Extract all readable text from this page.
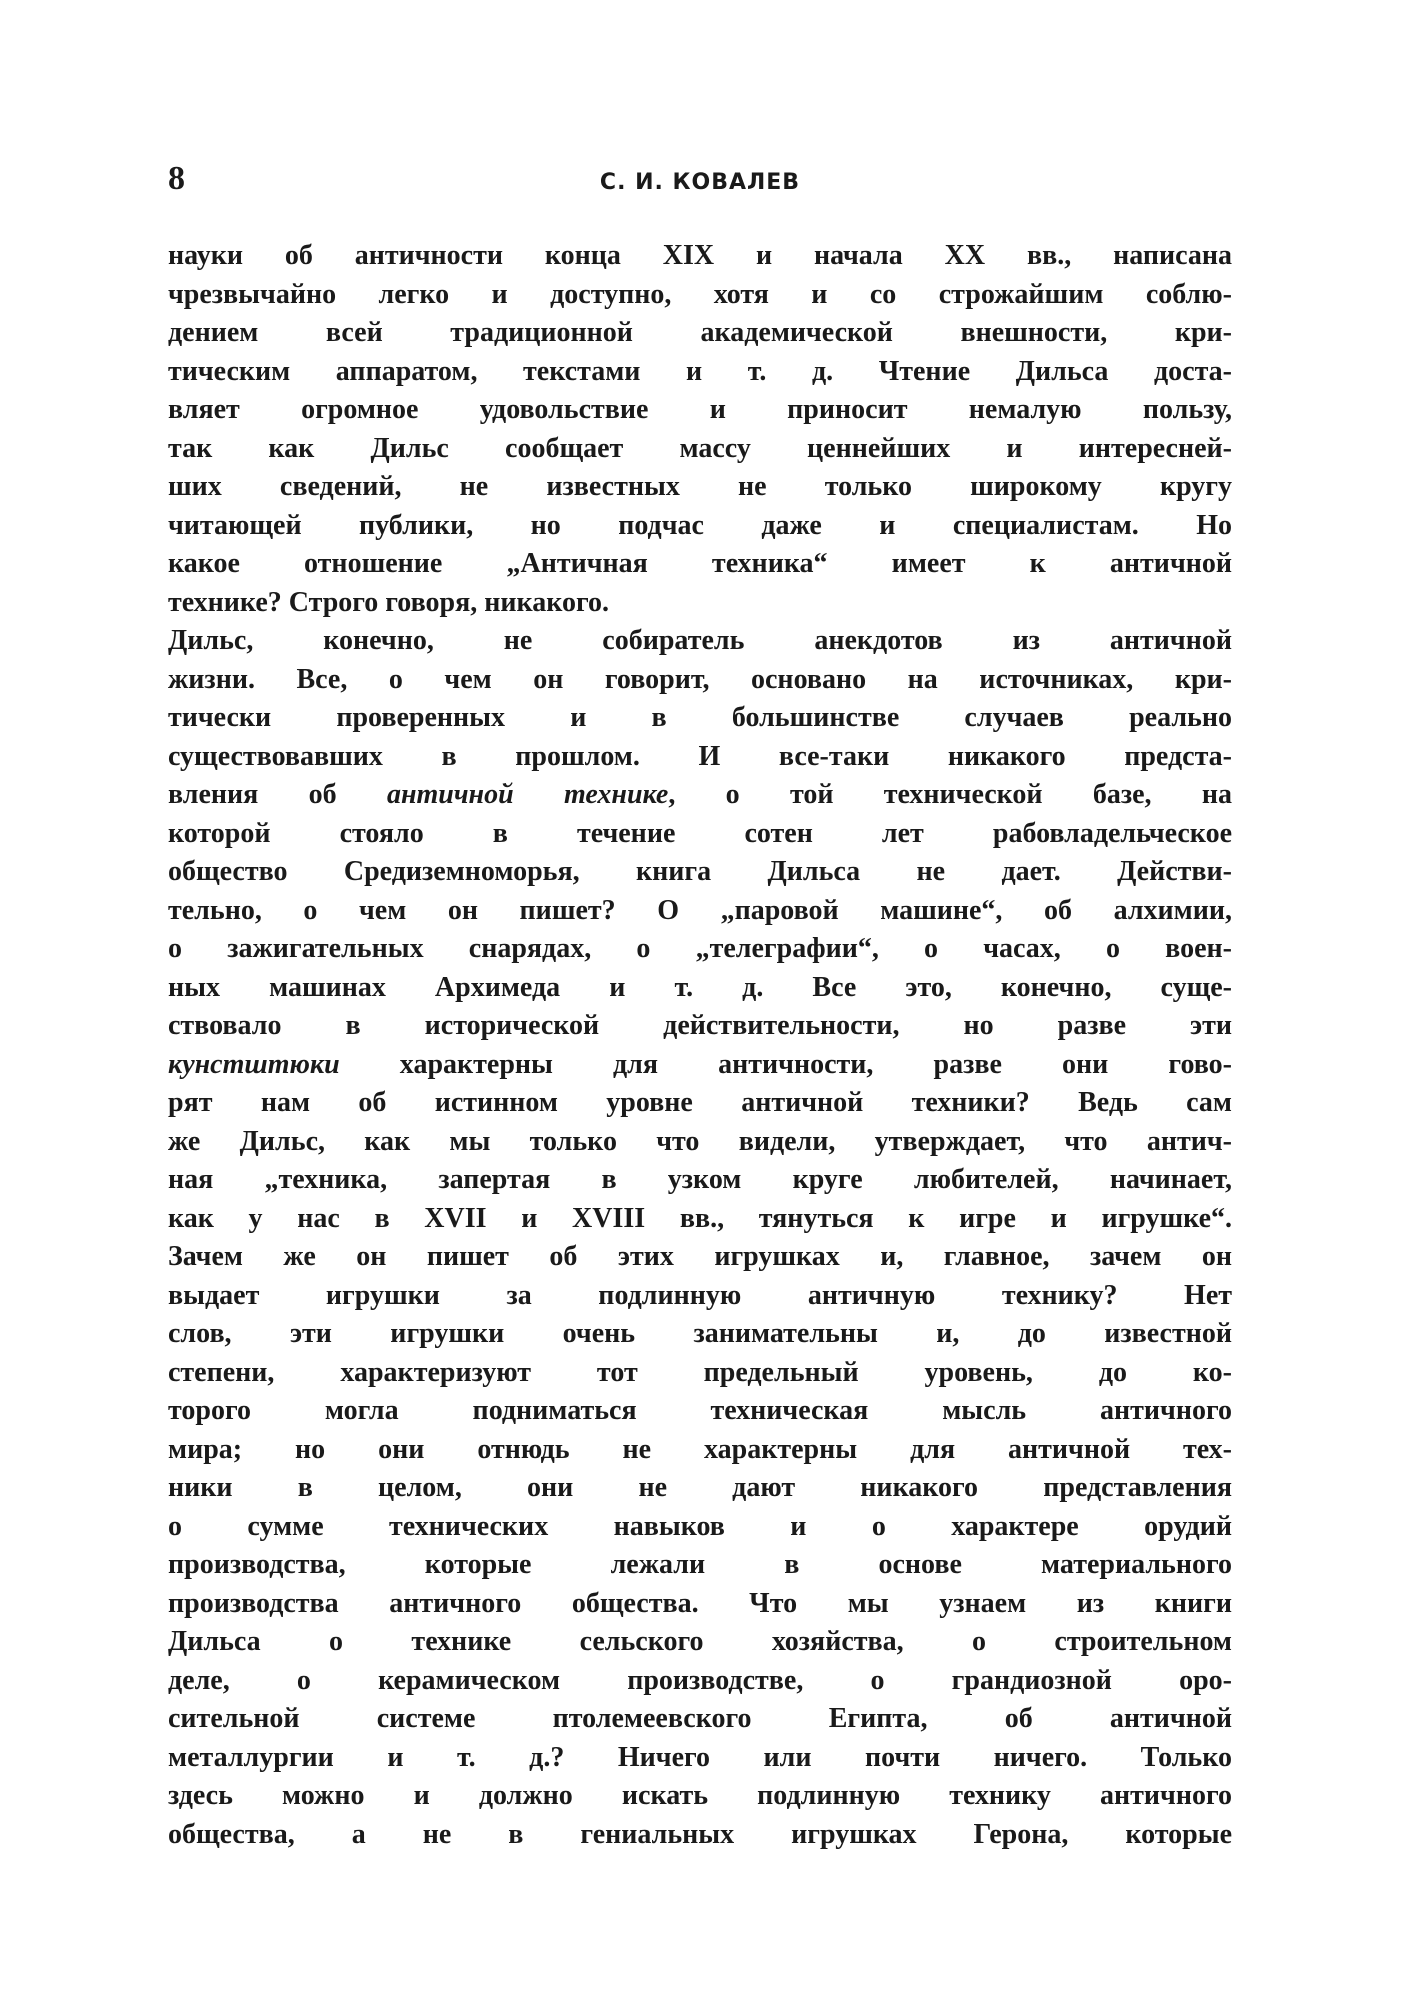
8	С. И. КОВАЛЕВ
науки об античности конца XIX и начала XX вв., написана
чрезвычайно легко и доступно, хотя и со строжайшим соблю-
дением всей традиционной академической внешности, кри-
тическим аппаратом, текстами и т. д. Чтение Дильса доста-
вляет огромное удовольствие и приносит немалую пользу,
так как Дильс сообщает массу ценнейших и интересней-
ших сведений, не известных не только широкому кругу
читающей публики, но подчас даже и специалистам. Но
какое отношение „Античная техника“ имеет к античной
технике? Строго говоря, никакого.
Дильс, конечно, не собиратель анекдотов из античной
жизни. Все, о чем он говорит, основано на источниках, кри-
тически проверенных и в большинстве случаев реально
существовавших в прошлом. И все-таки никакого предста-
вления об античной технике, о той технической базе, на
которой стояло в течение сотен лет рабовладельческое
общество Средиземноморья, книга Дильса не дает. Действи-
тельно, о чем он пишет? О „паровой машине“, об алхимии,
о зажигательных снарядах, о „телеграфии“, о часах, о воен-
ных машинах Архимеда и т. д. Все это, конечно, суще-
ствовало в исторической действительности, но разве эти
кунстштюки характерны для античности, разве они гово-
рят нам об истинном уровне античной техники? Ведь сам
же Дильс, как мы только что видели, утверждает, что антич-
ная „техника, запертая в узком круге любителей, начинает,
как у нас в XVII и XVIII вв., тянуться к игре и игрушке“.
Зачем же он пишет об этих игрушках и, главное, зачем он
выдает игрушки за подлинную античную технику? Нет
слов, эти игрушки очень занимательны и, до известной
степени, характеризуют тот предельный уровень, до ко-
торого могла подниматься техническая мысль античного
мира; но они отнюдь не характерны для античной тех-
ники в целом, они не дают никакого представления
о сумме технических навыков и о характере орудий
производства, которые лежали в основе материального
производства античного общества. Что мы узнаем из книги
Дильса о технике сельского хозяйства, о строительном
деле, о керамическом производстве, о грандиозной оро-
сительной системе птолемеевского Египта, об античной
металлургии и т. д.? Ничего или почти ничего. Только
здесь можно и должно искать подлинную технику античного
общества, а не в гениальных игрушках Герона, которые
